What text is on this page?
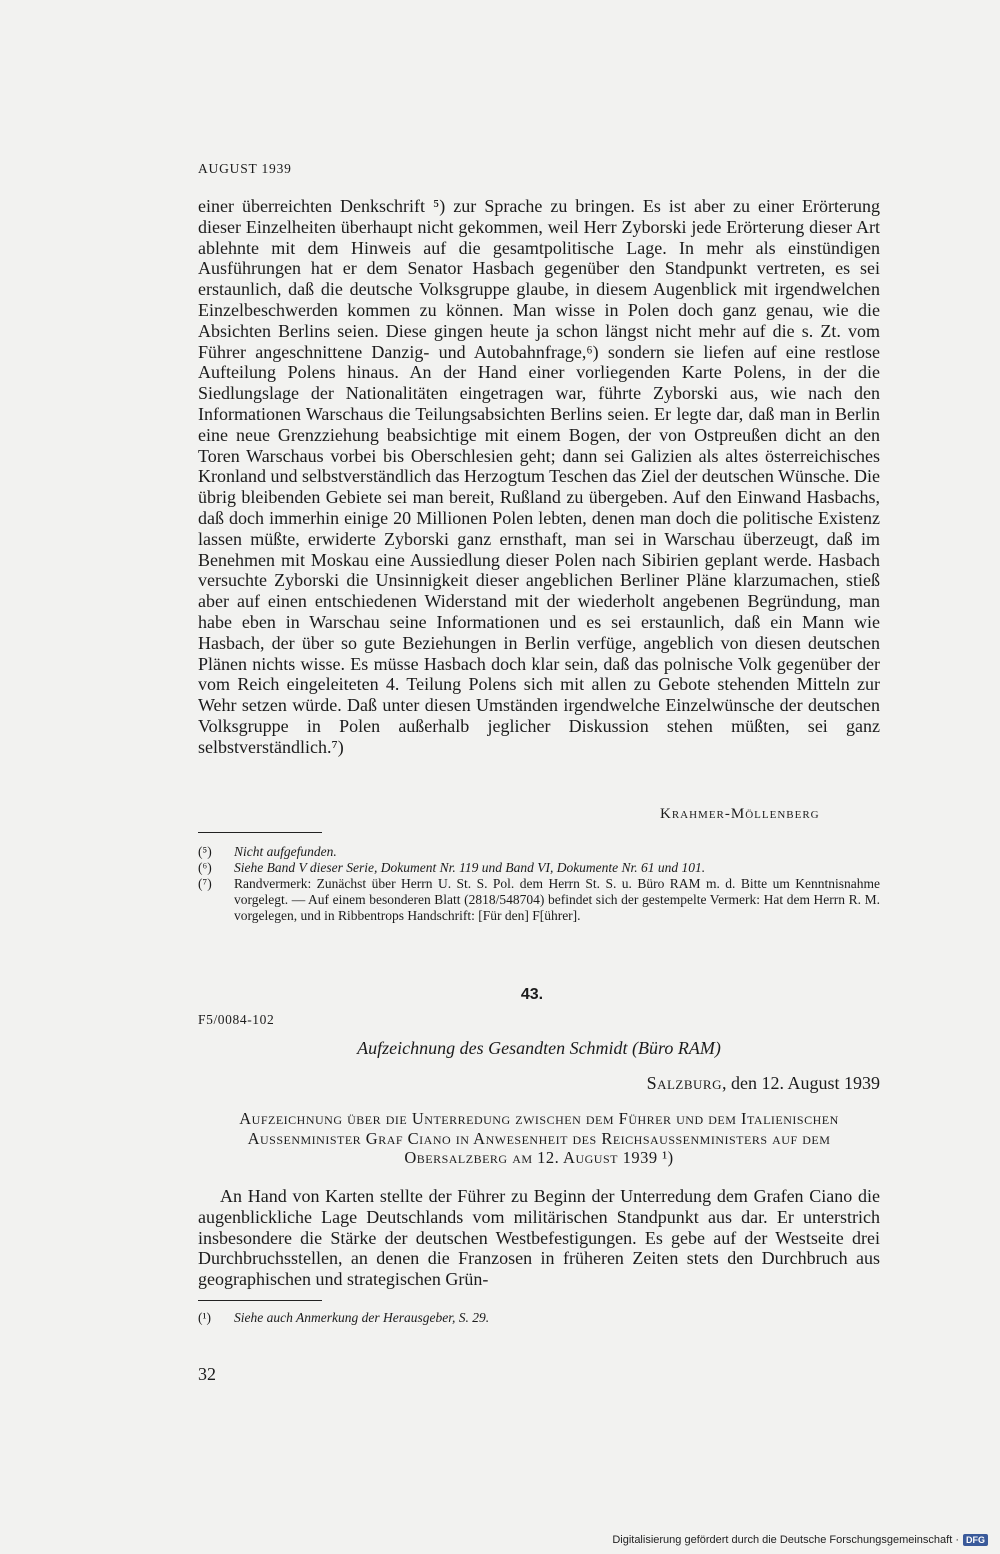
AUGUST 1939

einer überreichten Denkschrift ⁵) zur Sprache zu bringen. Es ist aber zu einer Erörterung dieser Einzelheiten überhaupt nicht gekommen, weil Herr Zyborski jede Erörterung dieser Art ablehnte mit dem Hinweis auf die gesamtpolitische Lage. In mehr als einstündigen Ausführungen hat er dem Senator Hasbach gegenüber den Standpunkt vertreten, es sei erstaunlich, daß die deutsche Volksgruppe glaube, in diesem Augenblick mit irgendwelchen Einzelbeschwerden kommen zu können. Man wisse in Polen doch ganz genau, wie die Absichten Berlins seien. Diese gingen heute ja schon längst nicht mehr auf die s. Zt. vom Führer angeschnittene Danzig- und Autobahnfrage,⁶) sondern sie liefen auf eine restlose Aufteilung Polens hinaus. An der Hand einer vorliegenden Karte Polens, in der die Siedlungslage der Nationalitäten eingetragen war, führte Zyborski aus, wie nach den Informationen Warschaus die Teilungsabsichten Berlins seien. Er legte dar, daß man in Berlin eine neue Grenzziehung beabsichtige mit einem Bogen, der von Ostpreußen dicht an den Toren Warschaus vorbei bis Oberschlesien geht; dann sei Galizien als altes österreichisches Kronland und selbstverständlich das Herzogtum Teschen das Ziel der deutschen Wünsche. Die übrig bleibenden Gebiete sei man bereit, Rußland zu übergeben. Auf den Einwand Hasbachs, daß doch immerhin einige 20 Millionen Polen lebten, denen man doch die politische Existenz lassen müßte, erwiderte Zyborski ganz ernsthaft, man sei in Warschau überzeugt, daß im Benehmen mit Moskau eine Aussiedlung dieser Polen nach Sibirien geplant werde. Hasbach versuchte Zyborski die Unsinnigkeit dieser angeblichen Berliner Pläne klarzumachen, stieß aber auf einen entschiedenen Widerstand mit der wiederholt angebenen Begründung, man habe eben in Warschau seine Informationen und es sei erstaunlich, daß ein Mann wie Hasbach, der über so gute Beziehungen in Berlin verfüge, angeblich von diesen deutschen Plänen nichts wisse. Es müsse Hasbach doch klar sein, daß das polnische Volk gegenüber der vom Reich eingeleiteten 4. Teilung Polens sich mit allen zu Gebote stehenden Mitteln zur Wehr setzen würde. Daß unter diesen Umständen irgendwelche Einzelwünsche der deutschen Volksgruppe in Polen außerhalb jeglicher Diskussion stehen müßten, sei ganz selbstverständlich.⁷)

Krahmer-Möllenberg
(⁵)	Nicht aufgefunden.
(⁶)	Siehe Band V dieser Serie, Dokument Nr. 119 und Band VI, Dokumente Nr. 61 und 101.
(⁷)	Randvermerk: Zunächst über Herrn U. St. S. Pol. dem Herrn St. S. u. Büro RAM m. d. Bitte um Kenntnisnahme vorgelegt. — Auf einem besonderen Blatt (2818/548704) befindet sich der gestempelte Vermerk: Hat dem Herrn R. M. vorgelegen, und in Ribbentrops Handschrift: [Für den] F[ührer].
43.
F5/0084-102
Aufzeichnung des Gesandten Schmidt (Büro RAM)
Salzburg, den 12. August 1939

Aufzeichnung über die Unterredung zwischen dem Führer und dem Italienischen Aussenminister Graf Ciano in Anwesenheit des Reichsaussenministers auf dem Obersalzberg am 12. August 1939 ¹)

An Hand von Karten stellte der Führer zu Beginn der Unterredung dem Grafen Ciano die augenblickliche Lage Deutschlands vom militärischen Standpunkt aus dar. Er unterstrich insbesondere die Stärke der deutschen Westbefestigungen. Es gebe auf der Westseite drei Durchbruchsstellen, an denen die Franzosen in früheren Zeiten stets den Durchbruch aus geographischen und strategischen Grün-

(¹)	Siehe auch Anmerkung der Herausgeber, S. 29.
32
Digitalisierung gefördert durch die Deutsche Forschungsgemeinschaft · DFG
